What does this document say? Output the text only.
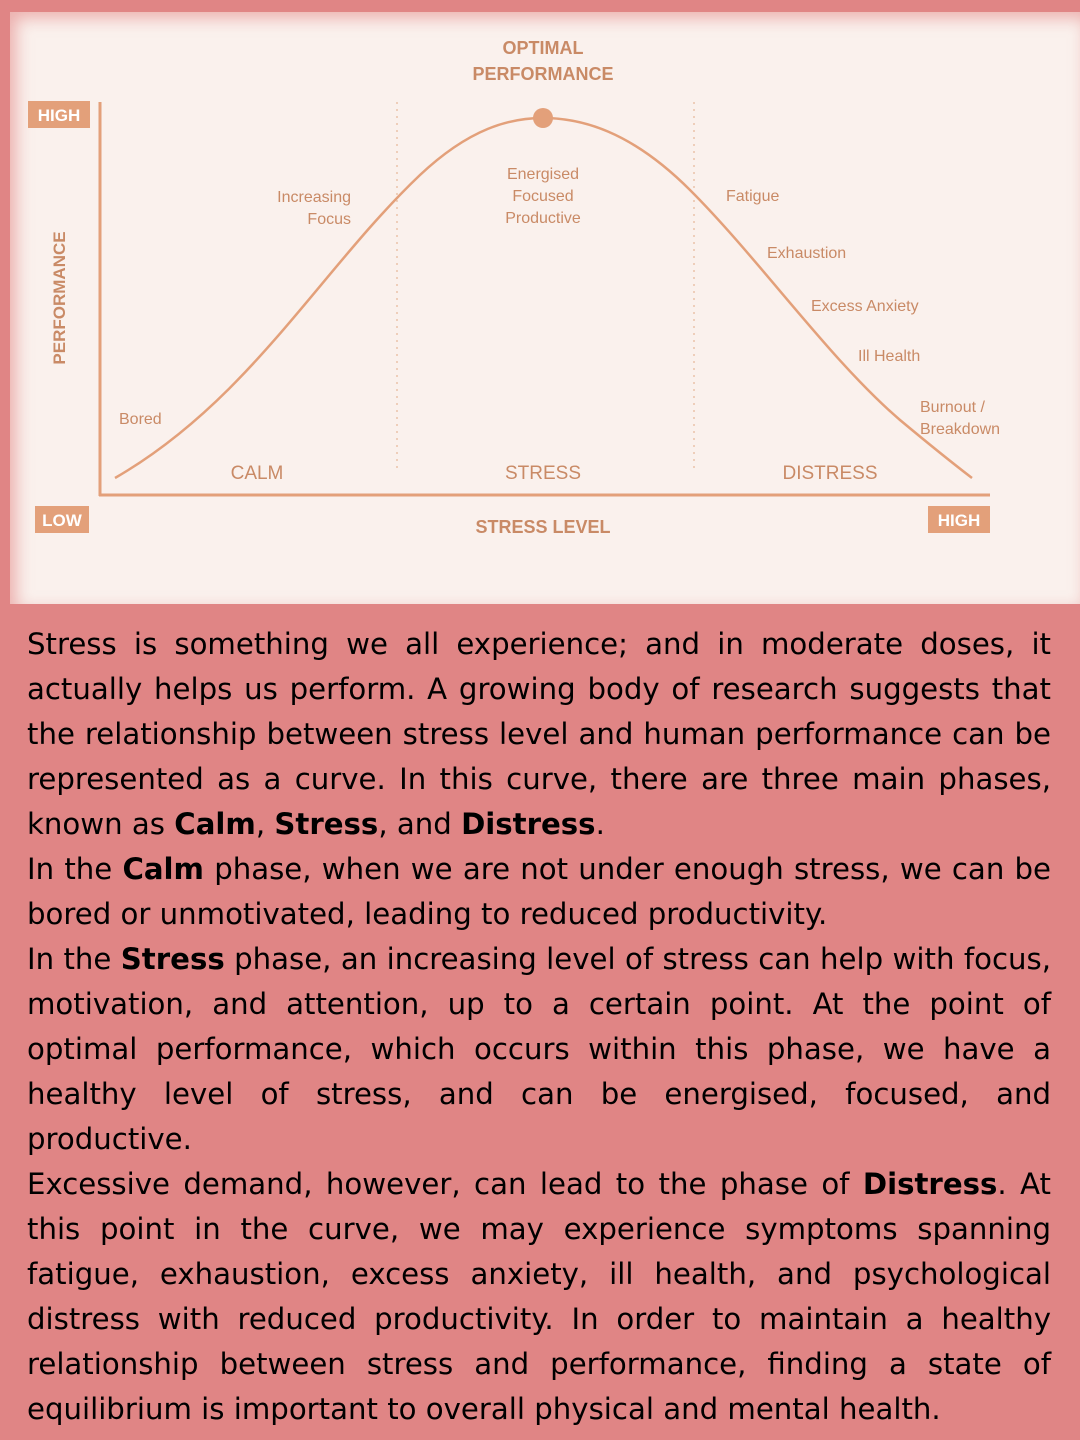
OPTIMAL
PERFORMANCE
HIGH
LOW	HIGH
PERFORMANCE
STRESS LEVEL
CALM	STRESS	DISTRESS
Bored
Increasing
Focus
Energised
Focused
Productive
Fatigue
Exhaustion
Excess Anxiety
Ill Health
Burnout /
Breakdown

Stress is something we all experience; and in moderate doses, it actually helps us perform. A growing body of research suggests that the relationship between stress level and human performance can be represented as a curve. In this curve, there are three main phases, known as Calm, Stress, and Distress.

In the Calm phase, when we are not under enough stress, we can be bored or unmotivated, leading to reduced productivity.

In the Stress phase, an increasing level of stress can help with focus, motivation, and attention, up to a certain point. At the point of optimal performance, which occurs within this phase, we have a healthy level of stress, and can be energised, focused, and productive.

Excessive demand, however, can lead to the phase of Distress. At this point in the curve, we may experience symptoms spanning fatigue, exhaustion, excess anxiety, ill health, and psychological distress with reduced productivity. In order to maintain a healthy relationship between stress and performance, finding a state of equilibrium is important to overall physical and mental health.
